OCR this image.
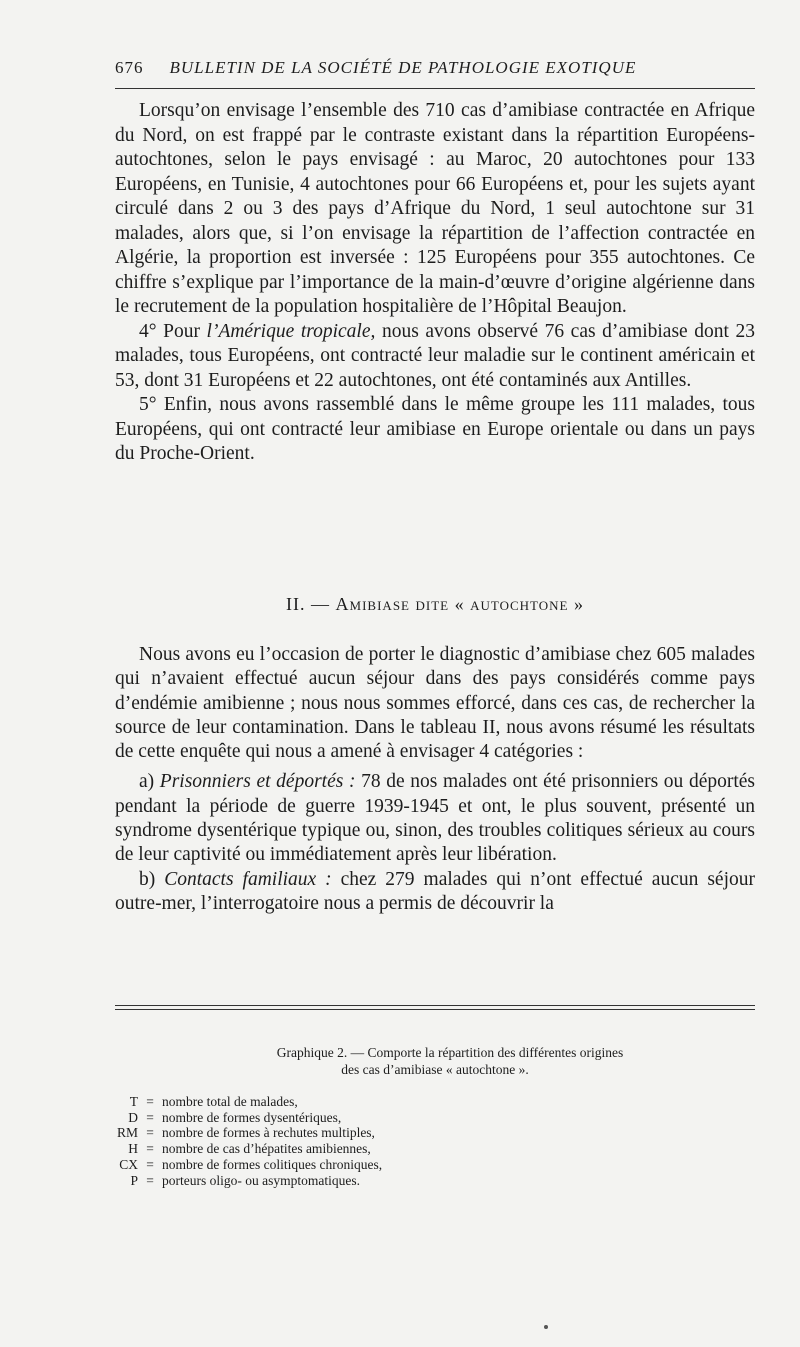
676 BULLETIN DE LA SOCIÉTÉ DE PATHOLOGIE EXOTIQUE

Lorsqu’on envisage l’ensemble des 710 cas d’amibiase contractée en Afrique du Nord, on est frappé par le contraste existant dans la répartition Européens-autochtones, selon le pays envisagé : au Maroc, 20 autochtones pour 133 Européens, en Tunisie, 4 autochtones pour 66 Européens et, pour les sujets ayant circulé dans 2 ou 3 des pays d’Afrique du Nord, 1 seul autochtone sur 31 malades, alors que, si l’on envisage la répartition de l’affection contractée en Algérie, la proportion est inversée : 125 Européens pour 355 autochtones. Ce chiffre s’explique par l’importance de la main-d’œuvre d’origine algérienne dans le recrutement de la population hospitalière de l’Hôpital Beaujon.

4° Pour l’Amérique tropicale, nous avons observé 76 cas d’amibiase dont 23 malades, tous Européens, ont contracté leur maladie sur le continent américain et 53, dont 31 Européens et 22 autochtones, ont été contaminés aux Antilles.

5° Enfin, nous avons rassemblé dans le même groupe les 111 malades, tous Européens, qui ont contracté leur amibiase en Europe orientale ou dans un pays du Proche-Orient.

II. — Amibiase dite « autochtone »

Nous avons eu l’occasion de porter le diagnostic d’amibiase chez 605 malades qui n’avaient effectué aucun séjour dans des pays considérés comme pays d’endémie amibienne ; nous nous sommes efforcé, dans ces cas, de rechercher la source de leur contamination. Dans le tableau II, nous avons résumé les résultats de cette enquête qui nous a amené à envisager 4 catégories :

a) Prisonniers et déportés : 78 de nos malades ont été prisonniers ou déportés pendant la période de guerre 1939-1945 et ont, le plus souvent, présenté un syndrome dysentérique typique ou, sinon, des troubles colitiques sérieux au cours de leur captivité ou immédiatement après leur libération.

b) Contacts familiaux : chez 279 malades qui n’ont effectué aucun séjour outre-mer, l’interrogatoire nous a permis de découvrir la

Graphique 2. — Comporte la répartition des différentes origines
des cas d’amibiase « autochtone ».
T = nombre total de malades,
D = nombre de formes dysentériques,
RM = nombre de formes à rechutes multiples,
H = nombre de cas d’hépatites amibiennes,
CX = nombre de formes colitiques chroniques,
P = porteurs oligo- ou asymptomatiques.
